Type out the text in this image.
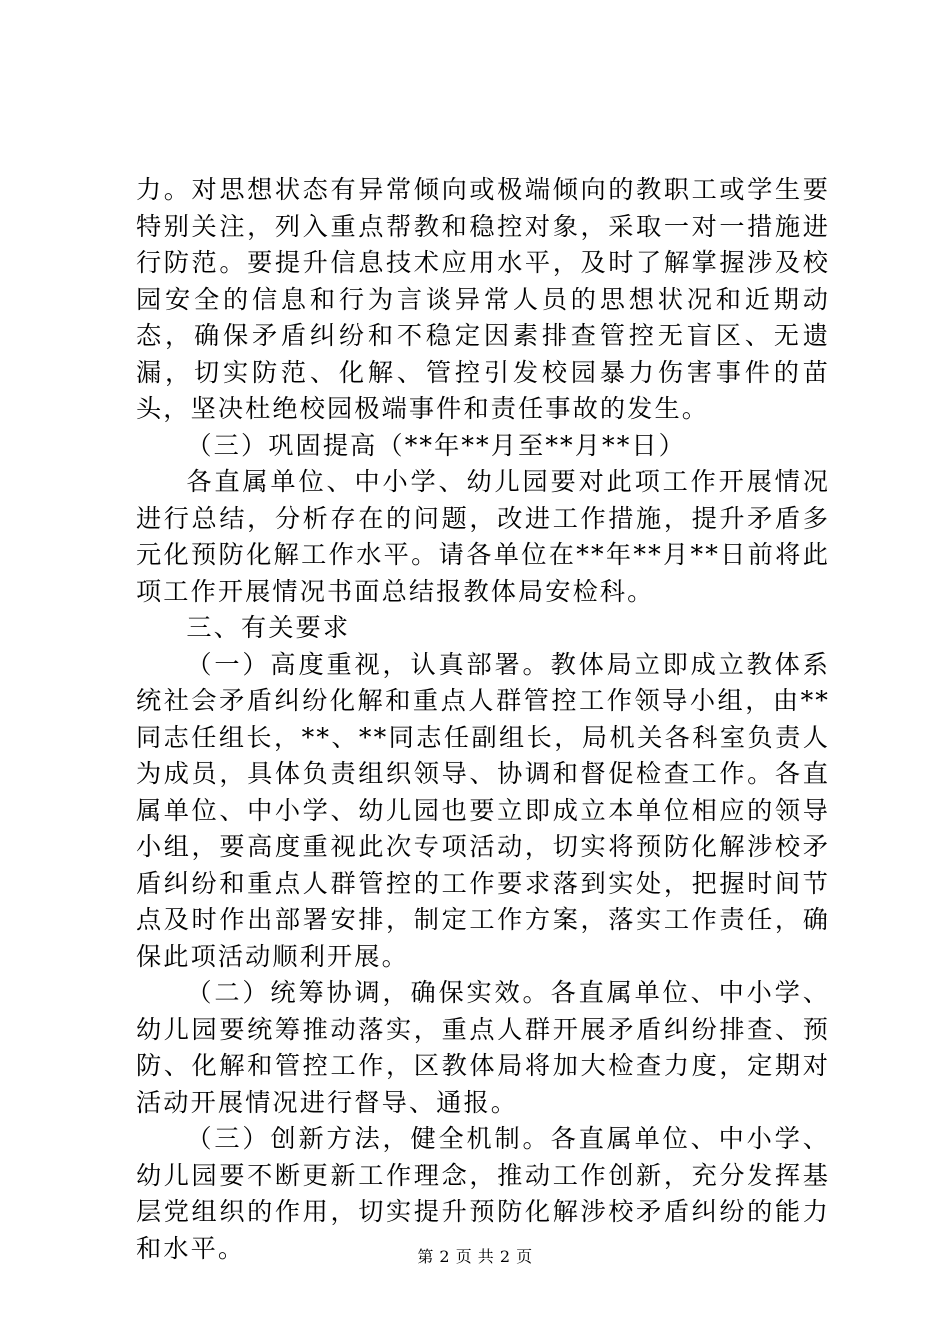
力。对思想状态有异常倾向或极端倾向的教职工或学生要特别关注，列入重点帮教和稳控对象，采取一对一措施进行防范。要提升信息技术应用水平，及时了解掌握涉及校园安全的信息和行为言谈异常人员的思想状况和近期动态，确保矛盾纠纷和不稳定因素排查管控无盲区、无遗漏，切实防范、化解、管控引发校园暴力伤害事件的苗头，坚决杜绝校园极端事件和责任事故的发生。

（三）巩固提高（**年**月至**月**日）

各直属单位、中小学、幼儿园要对此项工作开展情况进行总结，分析存在的问题，改进工作措施，提升矛盾多元化预防化解工作水平。请各单位在**年**月**日前将此项工作开展情况书面总结报教体局安检科。

三、有关要求

（一）高度重视，认真部署。教体局立即成立教体系统社会矛盾纠纷化解和重点人群管控工作领导小组，由**同志任组长，**、**同志任副组长，局机关各科室负责人为成员，具体负责组织领导、协调和督促检查工作。各直属单位、中小学、幼儿园也要立即成立本单位相应的领导小组，要高度重视此次专项活动，切实将预防化解涉校矛盾纠纷和重点人群管控的工作要求落到实处，把握时间节点及时作出部署安排，制定工作方案，落实工作责任，确保此项活动顺利开展。

（二）统筹协调，确保实效。各直属单位、中小学、幼儿园要统筹推动落实，重点人群开展矛盾纠纷排查、预防、化解和管控工作，区教体局将加大检查力度，定期对活动开展情况进行督导、通报。

（三）创新方法，健全机制。各直属单位、中小学、幼儿园要不断更新工作理念，推动工作创新，充分发挥基层党组织的作用，切实提升预防化解涉校矛盾纠纷的能力和水平。	第 2 页 共 2 页
